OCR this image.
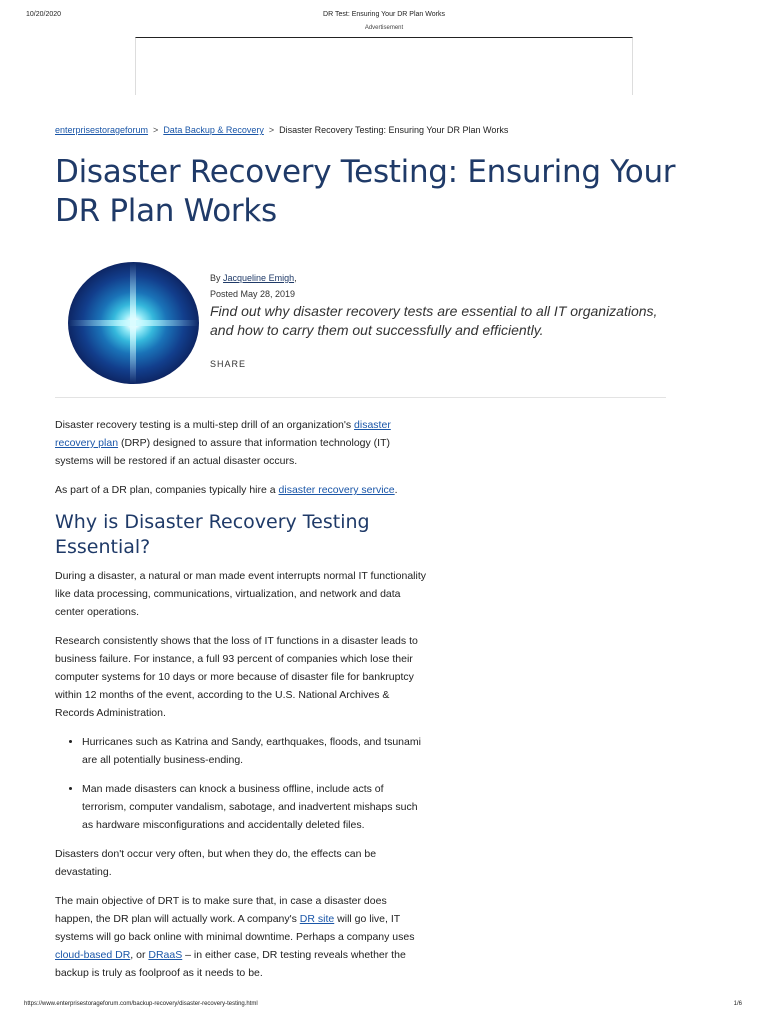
10/20/2020	DR Test: Ensuring Your DR Plan Works
Advertisement
enterprisestorageforum > Data Backup & Recovery > Disaster Recovery Testing: Ensuring Your DR Plan Works
Disaster Recovery Testing: Ensuring Your DR Plan Works
By Jacqueline Emigh,
Posted May 28, 2019

Find out why disaster recovery tests are essential to all IT organizations, and how to carry them out successfully and efficiently.

SHARE

Disaster recovery testing is a multi-step drill of an organization's disaster recovery plan (DRP) designed to assure that information technology (IT) systems will be restored if an actual disaster occurs.

As part of a DR plan, companies typically hire a disaster recovery service.

Why is Disaster Recovery Testing Essential?

During a disaster, a natural or man made event interrupts normal IT functionality like data processing, communications, virtualization, and network and data center operations.

Research consistently shows that the loss of IT functions in a disaster leads to business failure. For instance, a full 93 percent of companies which lose their computer systems for 10 days or more because of disaster file for bankruptcy within 12 months of the event, according to the U.S. National Archives & Records Administration.

• Hurricanes such as Katrina and Sandy, earthquakes, floods, and tsunami are all potentially business-ending.
• Man made disasters can knock a business offline, include acts of terrorism, computer vandalism, sabotage, and inadvertent mishaps such as hardware misconfigurations and accidentally deleted files.

Disasters don't occur very often, but when they do, the effects can be devastating.

The main objective of DRT is to make sure that, in case a disaster does happen, the DR plan will actually work. A company's DR site will go live, IT systems will go back online with minimal downtime. Perhaps a company uses cloud-based DR, or DRaaS – in either case, DR testing reveals whether the backup is truly as foolproof as it needs to be.

https://www.enterprisestorageforum.com/backup-recovery/disaster-recovery-testing.html	1/6
